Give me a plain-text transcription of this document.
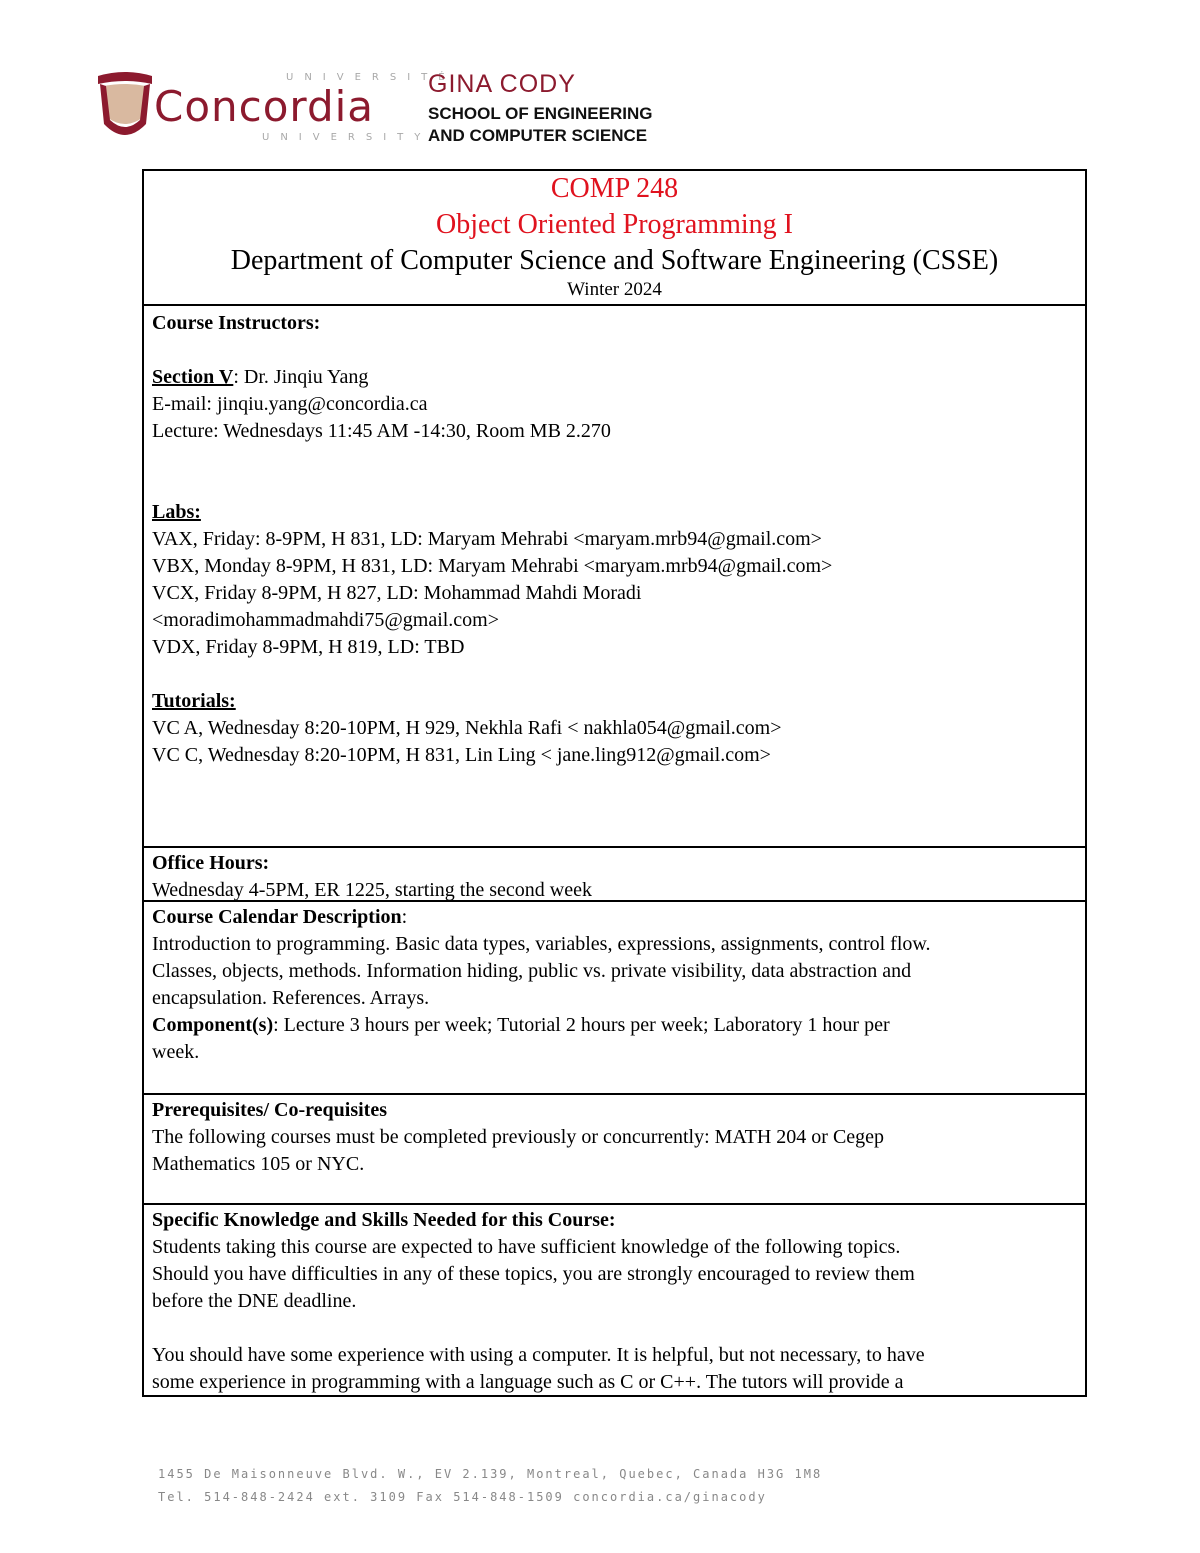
UNIVERSITÉ
Concordia
UNIVERSITY
GINA CODY
SCHOOL OF ENGINEERING
AND COMPUTER SCIENCE
COMP 248
Object Oriented Programming I
Department of Computer Science and Software Engineering (CSSE)
Winter 2024

Course Instructors:

Section V: Dr. Jinqiu Yang

E-mail: jinqiu.yang@concordia.ca

Lecture: Wednesdays 11:45 AM -14:30, Room MB 2.270

Labs:

VAX, Friday: 8-9PM, H 831, LD: Maryam Mehrabi <maryam.mrb94@gmail.com>

VBX, Monday 8-9PM, H 831, LD: Maryam Mehrabi <maryam.mrb94@gmail.com>

VCX, Friday 8-9PM, H 827, LD: Mohammad Mahdi Moradi

<moradimohammadmahdi75@gmail.com>

VDX, Friday 8-9PM, H 819, LD: TBD

Tutorials:

VC A, Wednesday 8:20-10PM, H 929, Nekhla Rafi < nakhla054@gmail.com>

VC C, Wednesday 8:20-10PM, H 831, Lin Ling < jane.ling912@gmail.com>

Office Hours:

Wednesday 4-5PM, ER 1225, starting the second week

Course Calendar Description:

Introduction to programming. Basic data types, variables, expressions, assignments, control flow.

Classes, objects, methods. Information hiding, public vs. private visibility, data abstraction and

encapsulation. References. Arrays.

Component(s): Lecture 3 hours per week; Tutorial 2 hours per week; Laboratory 1 hour per

week.

Prerequisites/ Co-requisites

The following courses must be completed previously or concurrently: MATH 204 or Cegep

Mathematics 105 or NYC.

Specific Knowledge and Skills Needed for this Course:

Students taking this course are expected to have sufficient knowledge of the following topics.

Should you have difficulties in any of these topics, you are strongly encouraged to review them

before the DNE deadline.

You should have some experience with using a computer. It is helpful, but not necessary, to have

some experience in programming with a language such as C or C++. The tutors will provide a

1455 De Maisonneuve Blvd. W., EV 2.139, Montreal, Quebec, Canada H3G 1M8
Tel. 514-848-2424 ext. 3109 Fax 514-848-1509 concordia.ca/ginacody
